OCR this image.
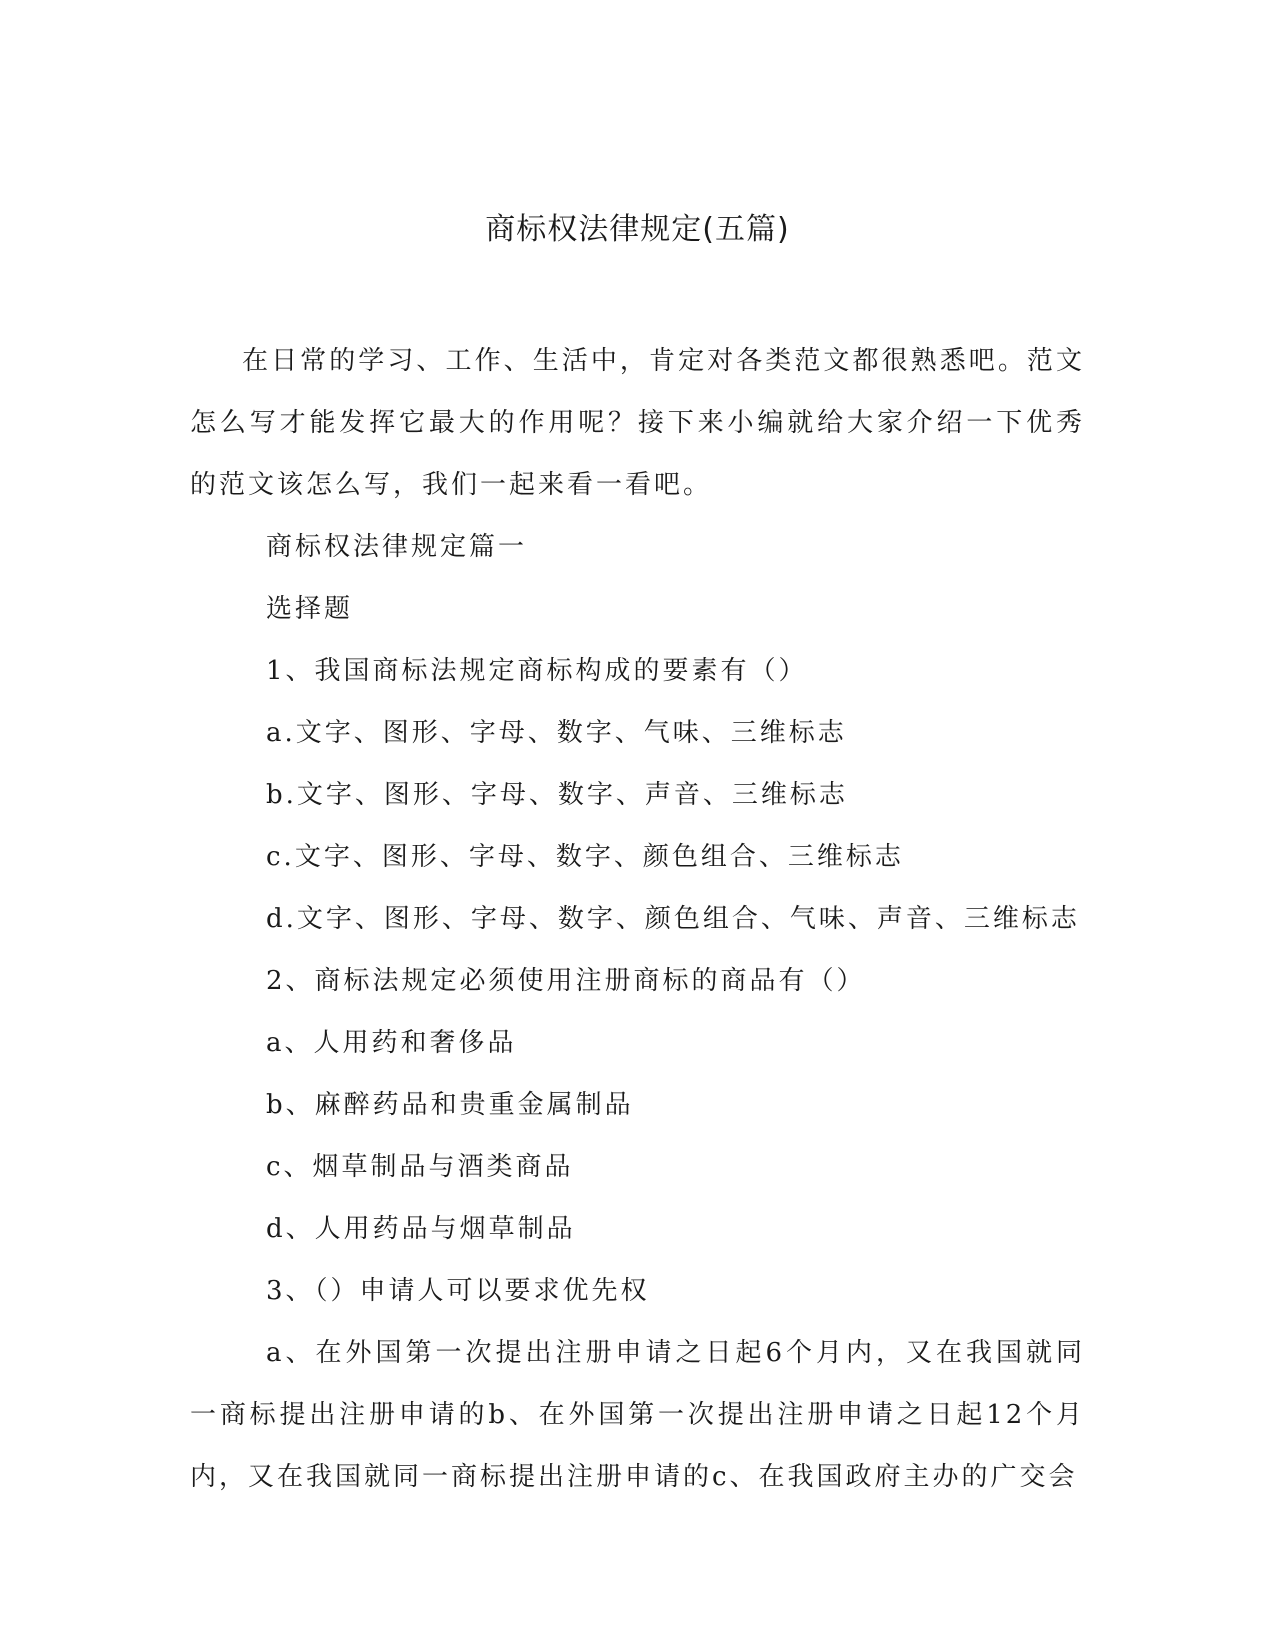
商标权法律规定(五篇)

在日常的学习、工作、生活中，肯定对各类范文都很熟悉吧。范文怎么写才能发挥它最大的作用呢？接下来小编就给大家介绍一下优秀的范文该怎么写，我们一起来看一看吧。

商标权法律规定篇一

选择题

1、我国商标法规定商标构成的要素有（）

a.文字、图形、字母、数字、气味、三维标志

b.文字、图形、字母、数字、声音、三维标志

c.文字、图形、字母、数字、颜色组合、三维标志

d.文字、图形、字母、数字、颜色组合、气味、声音、三维标志

2、商标法规定必须使用注册商标的商品有（）

a、人用药和奢侈品

b、麻醉药品和贵重金属制品

c、烟草制品与酒类商品

d、人用药品与烟草制品

3、（）申请人可以要求优先权

a、在外国第一次提出注册申请之日起6个月内，又在我国就同一商标提出注册申请的b、在外国第一次提出注册申请之日起12个月内，又在我国就同一商标提出注册申请的c、在我国政府主办的广交会
